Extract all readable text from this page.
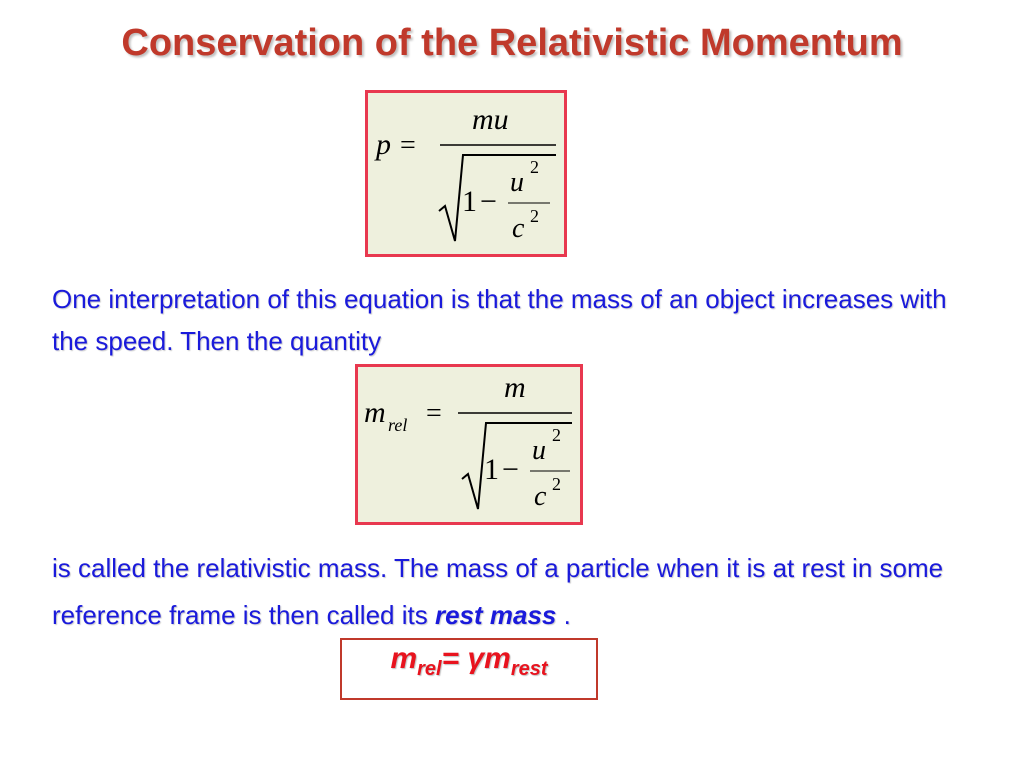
Conservation of the Relativistic Momentum
p =
mu
1 −
u 2
c 2

One interpretation of this equation is that the mass of an object increases with the speed. Then the quantity

m rel =
m
1 −
u 2
c 2

is called the relativistic mass. The mass of a particle when it is at rest in some reference frame is then called its rest mass .

$m_{rel}= \gamma m_{rest}$
